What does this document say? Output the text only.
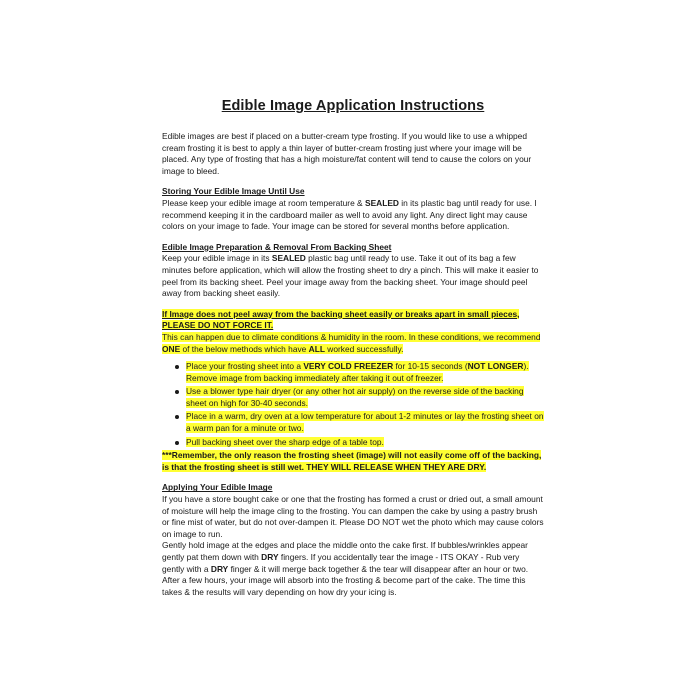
Edible Image Application Instructions

Edible images are best if placed on a butter-cream type frosting. If you would like to use a whipped cream frosting it is best to apply a thin layer of butter-cream frosting just where your image will be placed. Any type of frosting that has a high moisture/fat content will tend to cause the colors on your image to bleed.

Storing Your Edible Image Until Use

Please keep your edible image at room temperature & SEALED in its plastic bag until ready for use. I recommend keeping it in the cardboard mailer as well to avoid any light. Any direct light may cause colors on your image to fade. Your image can be stored for several months before application.

Edible Image Preparation & Removal From Backing Sheet

Keep your edible image in its SEALED plastic bag until ready to use. Take it out of its bag a few minutes before application, which will allow the frosting sheet to dry a pinch. This will make it easier to peel from its backing sheet. Peel your image away from the backing sheet. Your image should peel away from backing sheet easily.

If Image does not peel away from the backing sheet easily or breaks apart in small pieces, PLEASE DO NOT FORCE IT.
This can happen due to climate conditions & humidity in the room. In these conditions, we recommend ONE of the below methods which have ALL worked successfully.

Place your frosting sheet into a VERY COLD FREEZER for 10-15 seconds (NOT LONGER). Remove image from backing immediately after taking it out of freezer.
Use a blower type hair dryer (or any other hot air supply) on the reverse side of the backing sheet on high for 30-40 seconds.
Place in a warm, dry oven at a low temperature for about 1-2 minutes or lay the frosting sheet on a warm pan for a minute or two.
Pull backing sheet over the sharp edge of a table top.

***Remember, the only reason the frosting sheet (image) will not easily come off of the backing, is that the frosting sheet is still wet. THEY WILL RELEASE WHEN THEY ARE DRY.

Applying Your Edible Image

If you have a store bought cake or one that the frosting has formed a crust or dried out, a small amount of moisture will help the image cling to the frosting. You can dampen the cake by using a pastry brush or fine mist of water, but do not over-dampen it. Please DO NOT wet the photo which may cause colors on image to run.

Gently hold image at the edges and place the middle onto the cake first. If bubbles/wrinkles appear gently pat them down with DRY fingers. If you accidentally tear the image - ITS OKAY - Rub very gently with a DRY finger & it will merge back together & the tear will disappear after an hour or two. After a few hours, your image will absorb into the frosting & become part of the cake. The time this takes & the results will vary depending on how dry your icing is.
